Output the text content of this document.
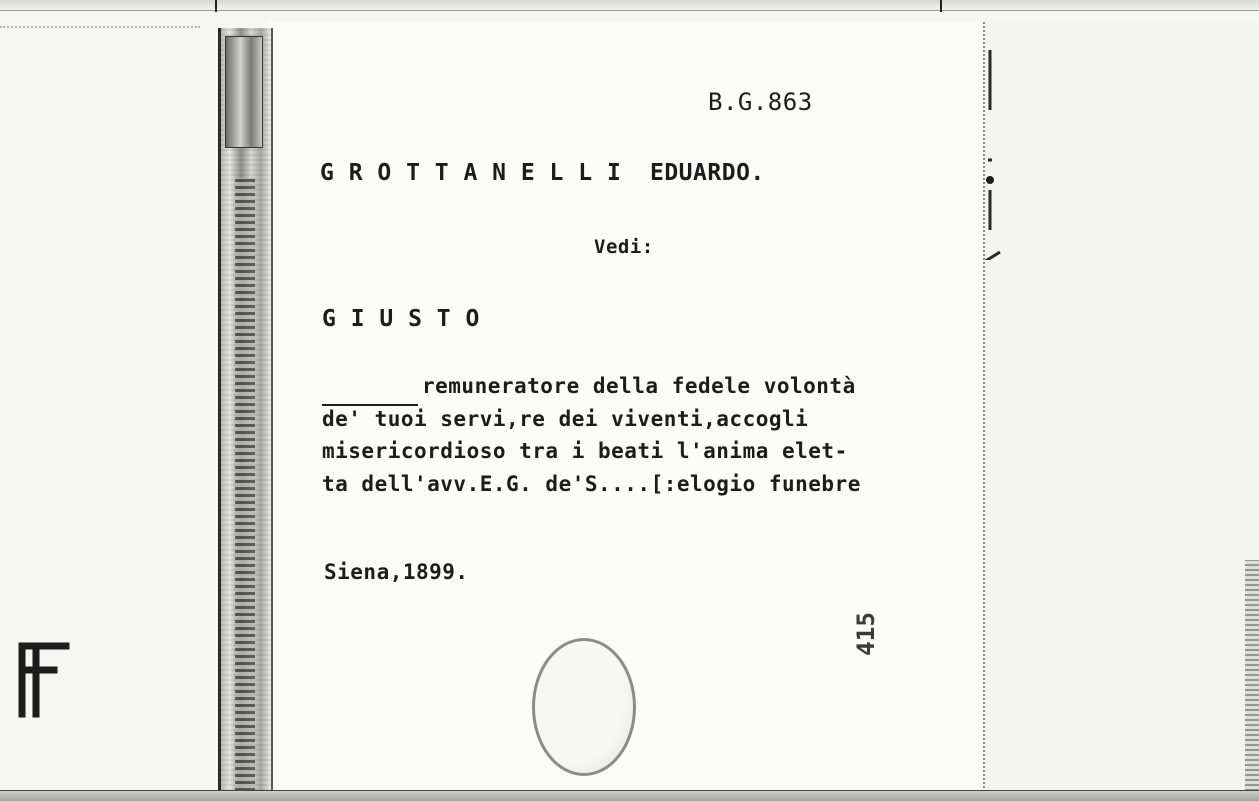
B.G.863
G R O T T A N E L L I  EDUARDO.
Vedi:
G I U S T O
remuneratore della fedele volontà
de' tuoi servi,re dei viventi,accogli
misericordioso tra i beati l'anima elet-
ta dell'avv.E.G. de'S....[:elogio funebre
Siena,1899.
415
